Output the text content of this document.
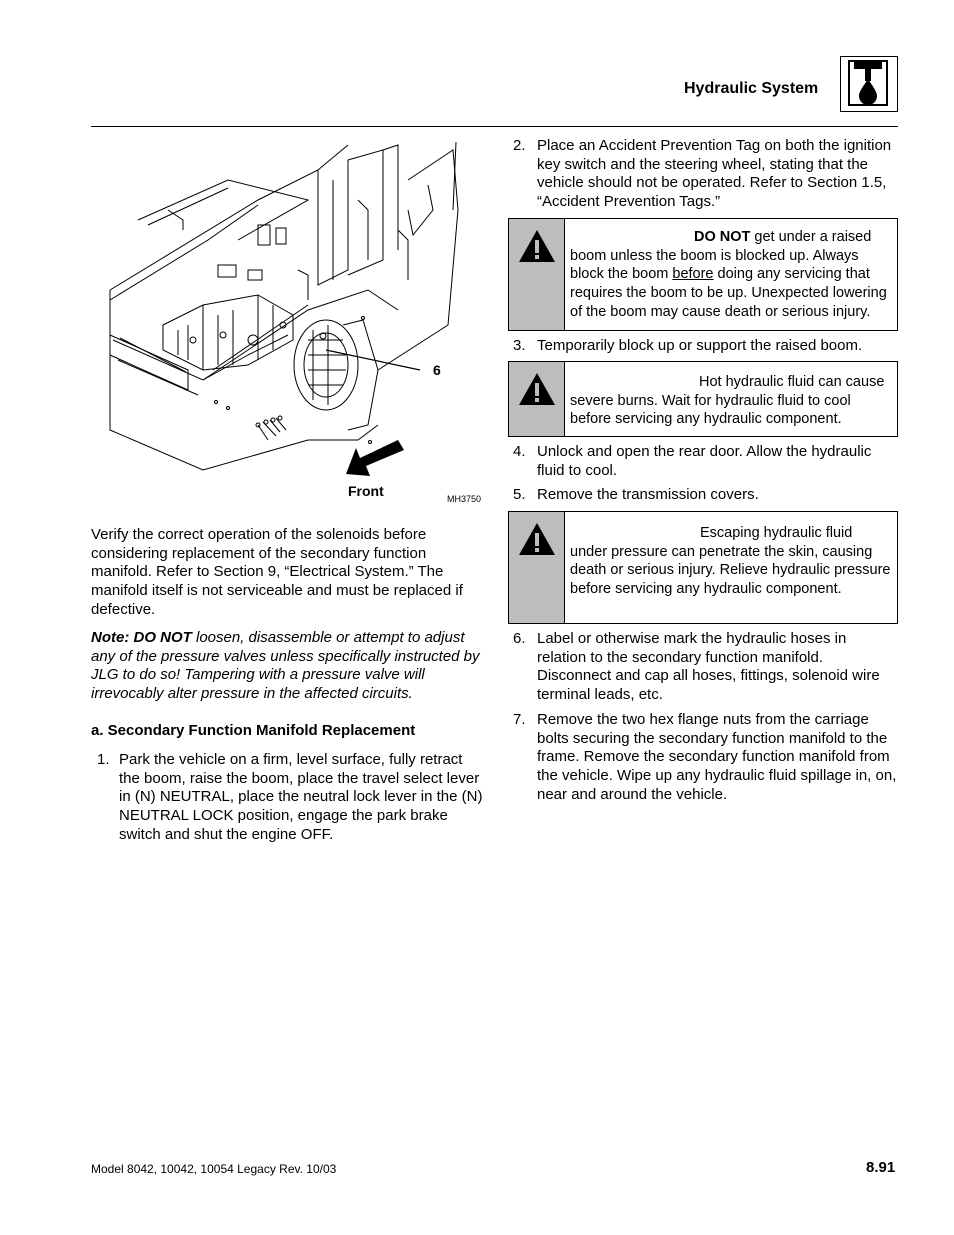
Hydraulic System
6
Front	MH3750
Verify the correct operation of the solenoids before considering replacement of the secondary function manifold. Refer to Section 9, “Electrical System.” The manifold itself is not serviceable and must be replaced if defective.
Note: DO NOT loosen, disassemble or attempt to adjust any of the pressure valves unless specifically instructed by JLG to do so! Tampering with a pressure valve will irrevocably alter pressure in the affected circuits.
a. Secondary Function Manifold Replacement
1. Park the vehicle on a firm, level surface, fully retract the boom, raise the boom, place the travel select lever in (N) NEUTRAL, place the neutral lock lever in the (N) NEUTRAL LOCK position, engage the park brake switch and shut the engine OFF.
2. Place an Accident Prevention Tag on both the ignition key switch and the steering wheel, stating that the vehicle should not be operated. Refer to Section 1.5, “Accident Prevention Tags.”
DO NOT get under a raised boom unless the boom is blocked up. Always block the boom before doing any servicing that requires the boom to be up. Unexpected lowering of the boom may cause death or serious injury.
3. Temporarily block up or support the raised boom.
Hot hydraulic fluid can cause severe burns. Wait for hydraulic fluid to cool before servicing any hydraulic component.
4. Unlock and open the rear door. Allow the hydraulic fluid to cool.
5. Remove the transmission covers.
Escaping hydraulic fluid under pressure can penetrate the skin, causing death or serious injury. Relieve hydraulic pressure before servicing any hydraulic component.
6. Label or otherwise mark the hydraulic hoses in relation to the secondary function manifold. Disconnect and cap all hoses, fittings, solenoid wire terminal leads, etc.
7. Remove the two hex flange nuts from the carriage bolts securing the secondary function manifold to the frame. Remove the secondary function manifold from the vehicle. Wipe up any hydraulic fluid spillage in, on, near and around the vehicle.
Model 8042, 10042, 10054 Legacy Rev. 10/03	8.91
